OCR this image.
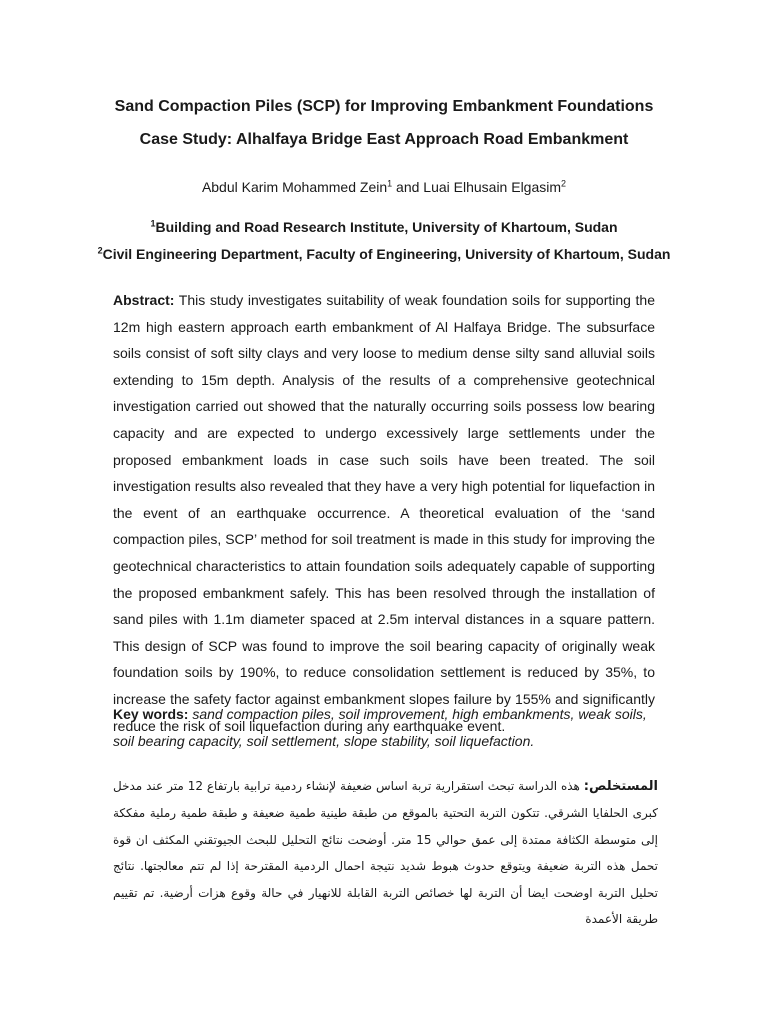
Sand Compaction Piles (SCP) for Improving Embankment Foundations
Case Study: Alhalfaya Bridge East Approach Road Embankment
Abdul Karim Mohammed Zein$^1$ and Luai Elhusain Elgasim$^2$
$^1$Building and Road Research Institute, University of Khartoum, Sudan
$^2$Civil Engineering Department, Faculty of Engineering, University of Khartoum, Sudan
Abstract: This study investigates suitability of weak foundation soils for supporting the 12m high eastern approach earth embankment of Al Halfaya Bridge. The subsurface soils consist of soft silty clays and very loose to medium dense silty sand alluvial soils extending to 15m depth. Analysis of the results of a comprehensive geotechnical investigation carried out showed that the naturally occurring soils possess low bearing capacity and are expected to undergo excessively large settlements under the proposed embankment loads in case such soils have been treated. The soil investigation results also revealed that they have a very high potential for liquefaction in the event of an earthquake occurrence. A theoretical evaluation of the ‘sand compaction piles, SCP’ method for soil treatment is made in this study for improving the geotechnical characteristics to attain foundation soils adequately capable of supporting the proposed embankment safely. This has been resolved through the installation of sand piles with 1.1m diameter spaced at 2.5m interval distances in a square pattern. This design of SCP was found to improve the soil bearing capacity of originally weak foundation soils by 190%, to reduce consolidation settlement is reduced by 35%, to increase the safety factor against embankment slopes failure by 155% and significantly reduce the risk of soil liquefaction during any earthquake event.
Key words: sand compaction piles, soil improvement, high embankments, weak soils, soil bearing capacity, soil settlement, slope stability, soil liquefaction.
المستخلص: هذه الدراسة تبحث استقرارية تربة اساس ضعيفة لإنشاء ردمية ترابية بارتفاع 12 متر عند مدخل كبرى الحلفايا الشرقي. تتكون التربة التحتية بالموقع من طبقة طينية طمية ضعيفة و طبقة طمية رملية مفككة إلى متوسطة الكثافة ممتدة إلى عمق حوالي 15 متر. أوضحت نتائج التحليل للبحث الجيوتقني المكثف ان قوة تحمل هذه التربة ضعيفة ويتوقع حدوث هبوط شديد نتيجة احمال الردمية المقترحة إذا لم تتم معالجتها. نتائج تحليل التربة اوضحت ايضا أن التربة لها خصائص التربة القابلة للانهيار في حالة وقوع هزات أرضية. تم تقييم طريقة الأعمدة
